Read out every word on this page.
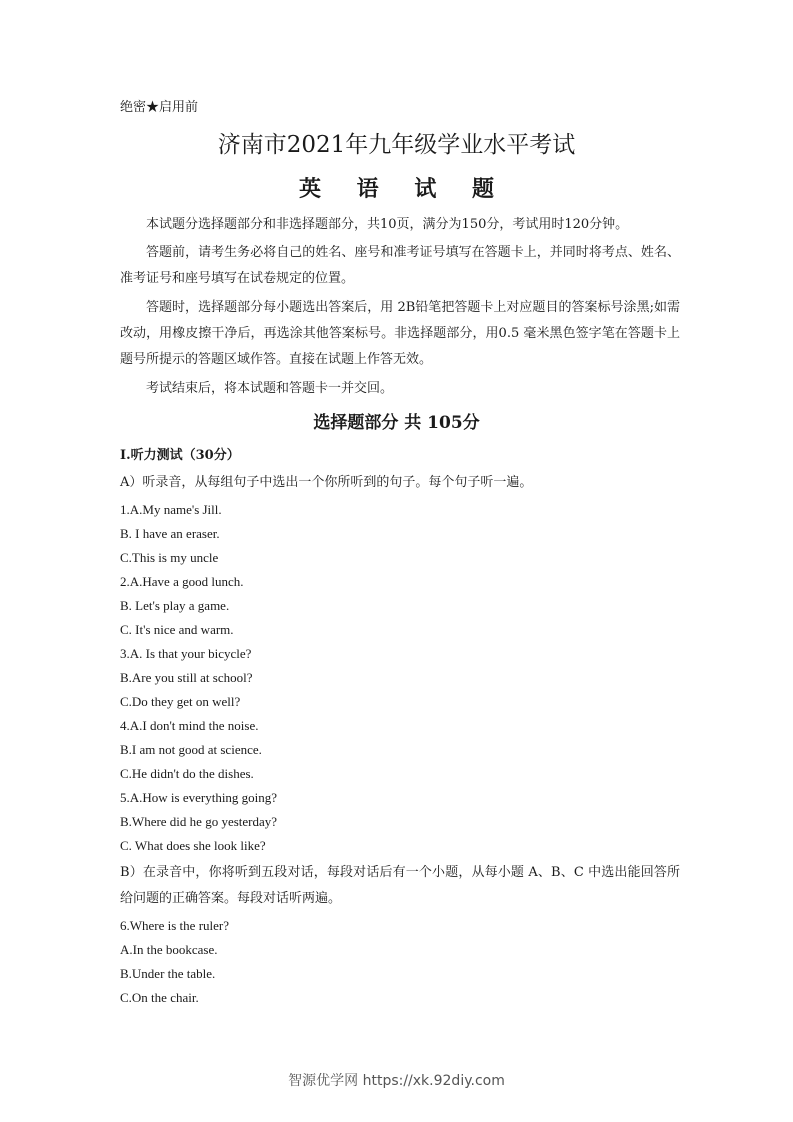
绝密★启用前
济南市2021年九年级学业水平考试
英 语 试 题
本试题分选择题部分和非选择题部分，共10页，满分为150分，考试用时120分钟。
答题前，请考生务必将自己的姓名、座号和准考证号填写在答题卡上，并同时将考点、姓名、准考证号和座号填写在试卷规定的位置。
答题时，选择题部分每小题选出答案后，用 2B铅笔把答题卡上对应题目的答案标号涂黑;如需改动，用橡皮擦干净后，再选涂其他答案标号。非选择题部分，用0.5 毫米黑色签字笔在答题卡上题号所提示的答题区域作答。直接在试题上作答无效。
考试结束后，将本试题和答题卡一并交回。
选择题部分 共 105分
I.听力测试（30分）
A）听录音，从每组句子中选出一个你所听到的句子。每个句子听一遍。
1.A.My name's Jill.
B. I have an eraser.
C.This is my uncle
2.A.Have a good lunch.
B. Let's play a game.
C. It's nice and warm.
3.A. Is that your bicycle?
B.Are you still at school?
C.Do they get on well?
4.A.I don't mind the noise.
B.I am not good at science.
C.He didn't do the dishes.
5.A.How is everything going?
B.Where did he go yesterday?
C. What does she look like?
B）在录音中，你将听到五段对话，每段对话后有一个小题，从每小题 A、B、C 中选出能回答所给问题的正确答案。每段对话听两遍。
6.Where is the ruler?
A.In the bookcase.
B.Under the table.
C.On the chair.
智源优学网 https://xk.92diy.com
